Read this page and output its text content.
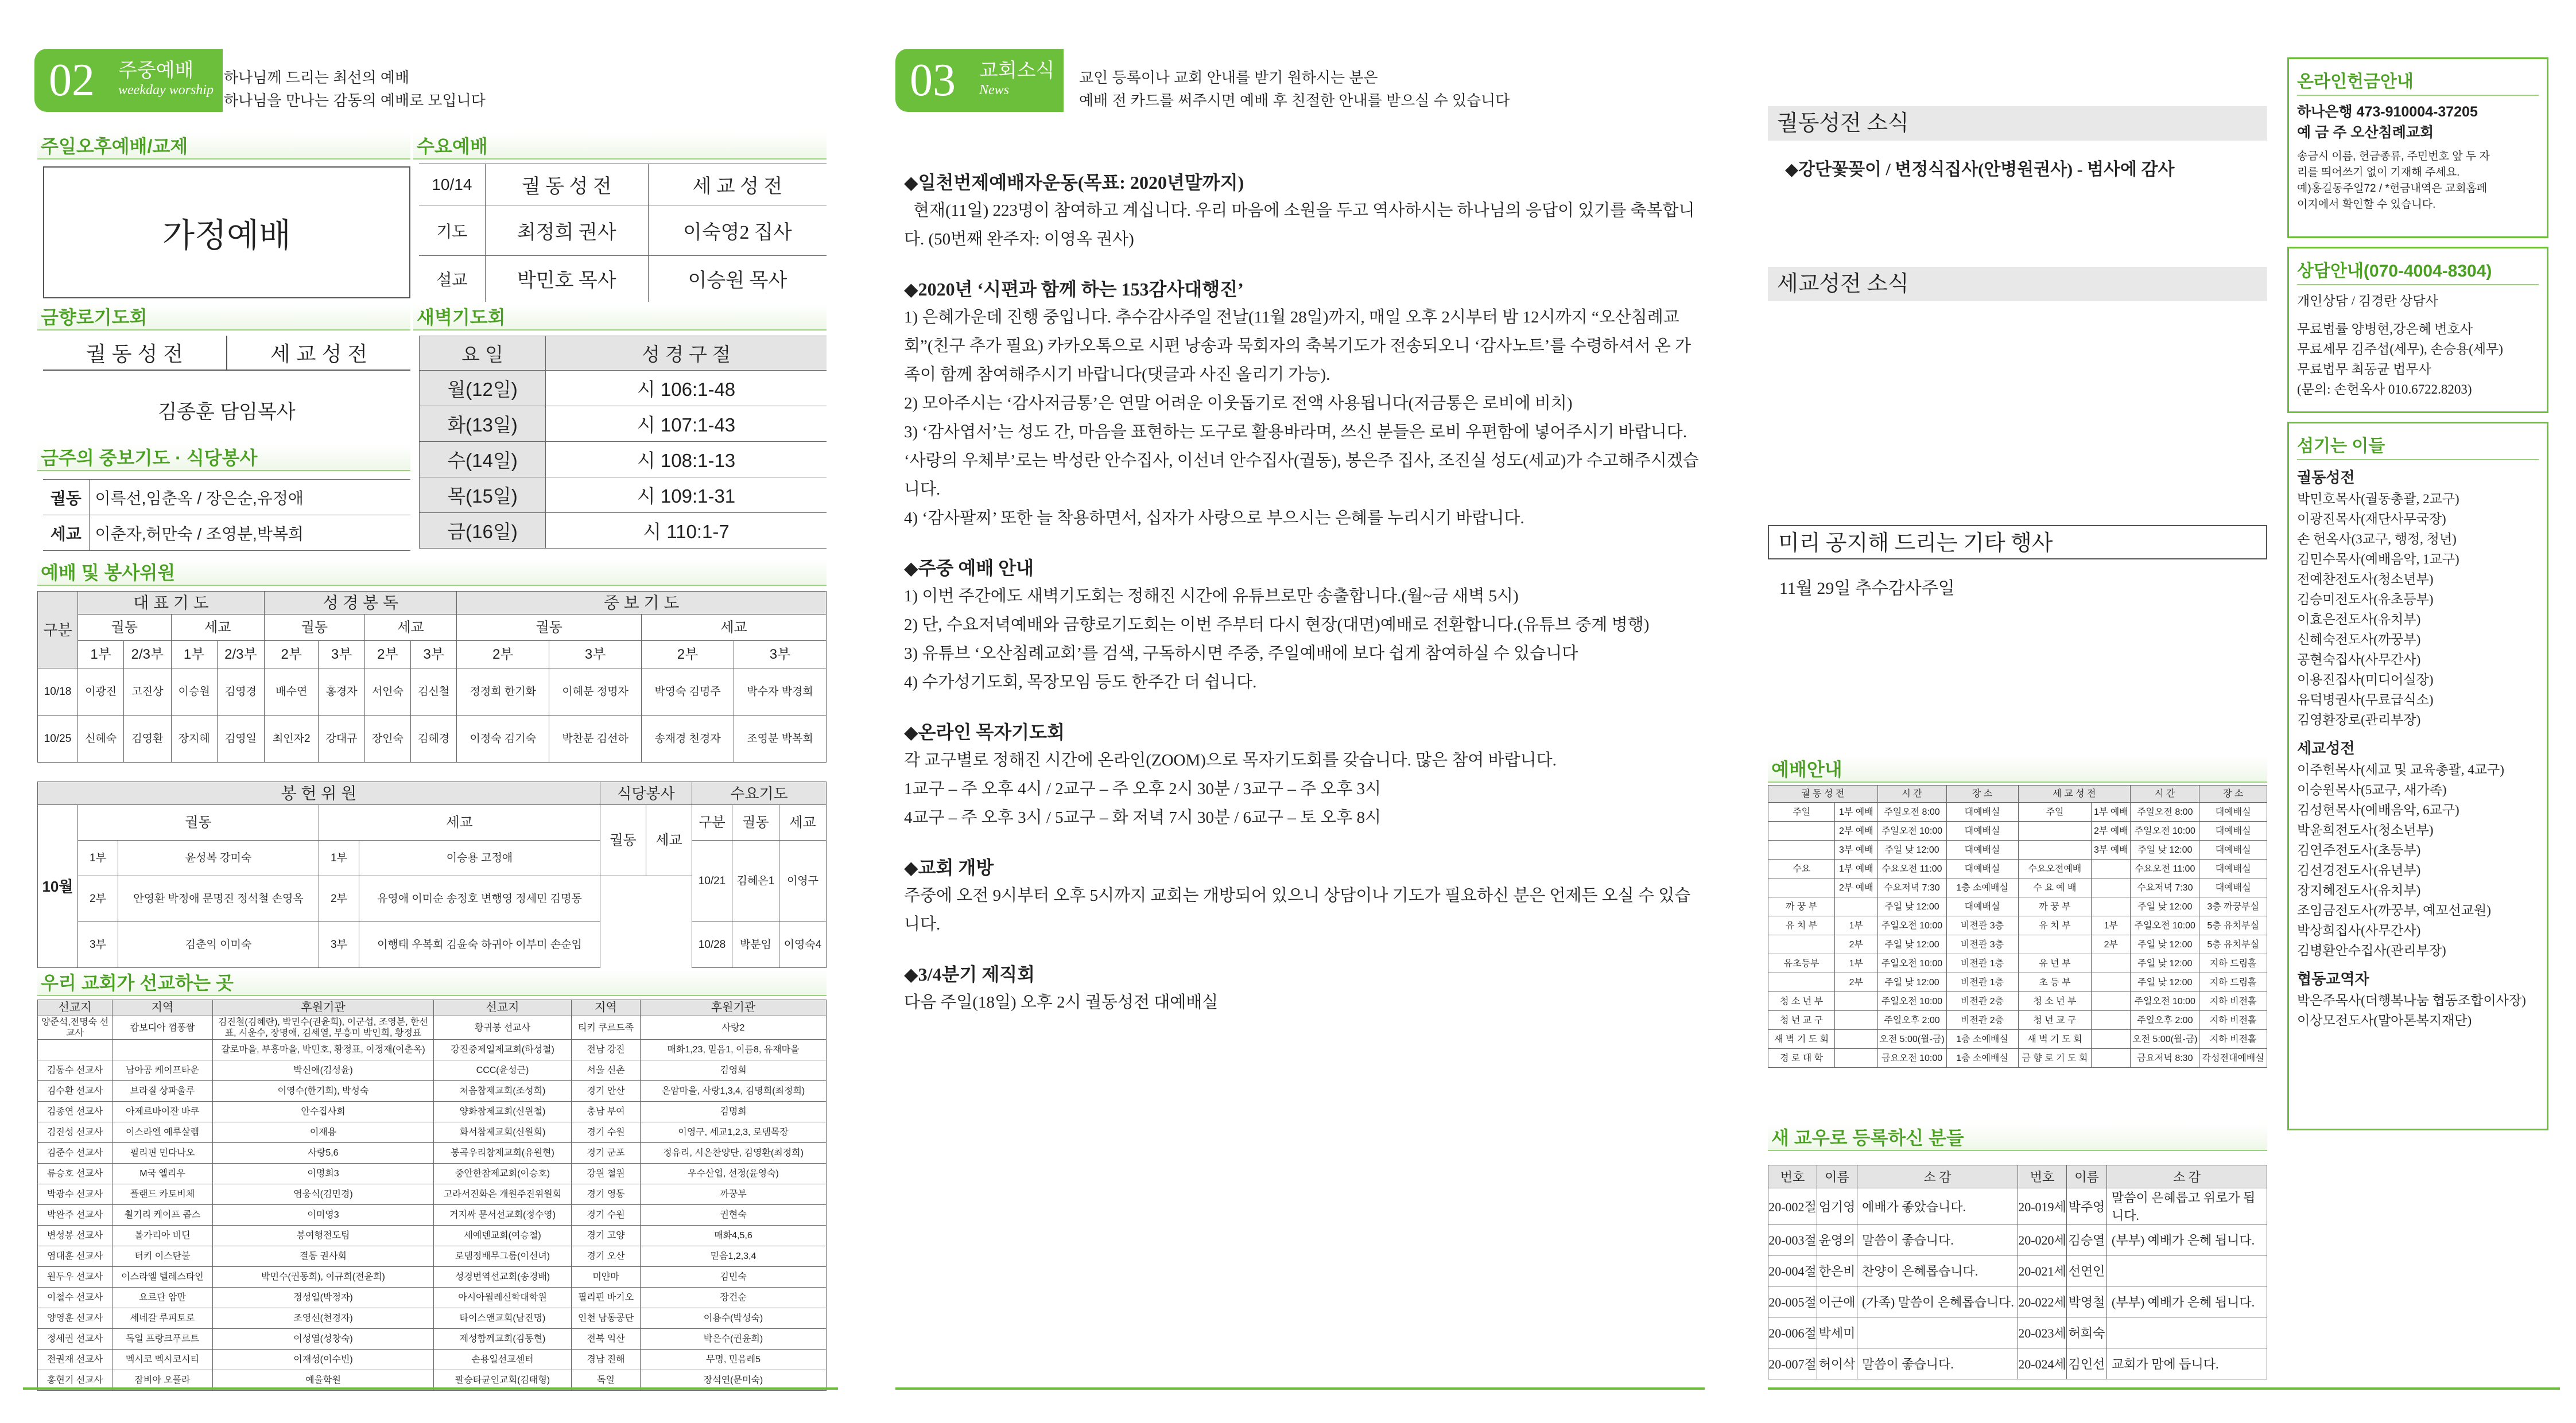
02	주중예배
weekday worship
하나님께 드리는 최선의 예배
하나님을 만나는 감동의 예배로 모입니다
주일오후예배/교제
가정예배
수요예배
10/14	궐 동 성 전	세 교 성 전
기도	최정희 권사	이숙영2 집사
설교	박민호 목사	이승원 목사
금향로기도회
궐 동 성 전	세 교 성 전
김종훈 담임목사
새벽기도회
요 일	성 경 구 절
월(12일)	시 106:1-48
화(13일)	시 107:1-43
수(14일)	시 108:1-13
목(15일)	시 109:1-31
금(16일)	시 110:1-7
금주의 중보기도 · 식당봉사
궐동	이륵선,임춘옥 / 장은순,유정애
세교	이춘자,허만숙 / 조영분,박복희
예배 및 봉사위원
구분	대 표 기 도				성 경 봉 독				중 보 기 도			
	궐동		세교		궐동		세교		궐동		세교	
	1부	2/3부	1부	2/3부	2부	3부	2부	3부	2부	3부	2부	3부
10/18	이광진	고진상	이승원	김영경	배수연	홍경자	서인숙	김신철	정정희 한기화	이혜분 정명자	박영숙 김명주	박수자 박경희
10/25	신혜숙	김영환	장지혜	김영일	최인자2	강대규	장인숙	김혜경	이정숙 김기숙	박찬분 김선하	송재경 천경자	조영분 박복희
봉 헌 위 원					식당봉사		수요기도		
10월	궐동		세교		궐동	세교	구분	궐동	세교
	1부	윤성복 강미숙	1부	이승용 고정애			10/21	김혜은1	이영구
	2부	안영환 박정애 문명진 정석철 손영옥	2부	유영애 이미순 송정호 변행영 정세민 김명동					
	3부	김춘익 이미숙	3부	이행태 우복희 김윤숙 하귀아 이부미 손순임			10/28	박분임	이영숙4
우리 교회가 선교하는 곳
선교지	지역	후원기관	선교지	지역	후원기관
양준석,전명숙 선교사	캄보디아 껌퐁짬	김진철(김혜란), 박민수(권윤희), 이군섭, 조영분, 한선표, 시운수, 장명애, 김세열, 부흥미 박인희, 황정표	황귀봉 선교사	티키 쿠르드족	사랑2
		갈로마을, 부흥마을, 박민호, 황정표, 이정재(이춘옥)	강진중제일제교회(하성철)	전남 강진	매화1,23, 믿음1, 이름8, 유재마을
김동수 선교사	남아공 케이프타운	박신애(김성윤)	CCC(윤성근)	서울 신촌	김영희
김수환 선교사	브라질 상파울루	이영수(한기희), 박성숙	처음참제교회(조성희)	경기 안산	은암마을, 사랑1,3,4, 김명희(최정희)
김종연 선교사	아제르바이잔 바쿠	안수집사회	양화참제교회(신원철)	충남 부여	김명희
김진성 선교사	이스라엘 예루살렘	이재용	화서참제교회(신원희)	경기 수원	이영구, 세교1,2,3, 로뎀목장
김준수 선교사	필리핀 민다나오	사랑5,6	봉곡우리참제교회(유원현)	경기 군포	정유리, 시온찬양단, 김영환(최정희)
류승호 선교사	M국 엘리우	이명희3	중안한참제교회(이승호)	강원 철원	우수산업, 선정(윤영숙)
박광수 선교사	플랜드 카토비체	염웅식(김민경)	고라서진화은 개원주진위원회	경기 영동	까꿍부
박완주 선교사	쵤기리 케이프 콥스	이미영3	거지싸 문서선교회(정수영)	경기 수원	권현숙
변성봉 선교사	볼가리아 비딘	봉여행전도팀	세예덴교회(여승철)	경기 고양	매화4,5,6
염대훈 선교사	터키 이스탄불	결동 권사회	로뎀정배무그룹(이선녀)	경기 오산	믿음1,2,3,4
원두우 선교사	이스라엘 텔레스타인	박민수(권동희), 이규희(전윤희)	성경번역선교회(송경배)	미얀마	김민숙
이철수 선교사	요르단 암만	정성일(박정자)	아시아월레신학대학원	필리핀 바기오	장건순
양영훈 선교사	세네갈 루피토로	조영선(천경자)	타이스앤교회(남진명)	인천 남동공단	이용수(박성숙)
정세권 선교사	독일 프랑크푸르트	이성열(성창숙)	제성함께교회(김동현)	전북 익산	박은수(권윤희)
전권재 선교사	멕시코 멕시코시티	이재성(이수빈)	손용일선교센터	경남 진해	무명, 민음레5
홍현기 선교사	잠비아 오폴라	예울학원	팔승타균인교회(김태형)	독일	장석연(문미숙)
03	교회소식
News
교인 등록이나 교회 안내를 받기 원하시는 분은
예배 전 카드를 써주시면 예배 후 친절한 안내를 받으실 수 있습니다
◆일천번제예배자운동(목표: 2020년말까지)

현재(11일) 223명이 참여하고 계십니다. 우리 마음에 소원을 두고 역사하시는 하나님의 응답이 있기를 축복합니다. (50번째 완주자: 이영옥 권사)

◆2020년 ‘시편과 함께 하는 153감사대행진’

1) 은혜가운데 진행 중입니다. 추수감사주일 전날(11월 28일)까지, 매일 오후 2시부터 밤 12시까지 “오산침례교회”(친구 추가 필요) 카카오톡으로 시편 낭송과 묵회자의 축복기도가 전송되오니 ‘감사노트’를 수령하셔서 온 가족이 함께 참여해주시기 바랍니다(댓글과 사진 올리기 가능).

2) 모아주시는 ‘감사저금통’은 연말 어려운 이웃돕기로 전액 사용됩니다(저금통은 로비에 비치)

3) ‘감사엽서’는 성도 간, 마음을 표현하는 도구로 활용바라며, 쓰신 분들은 로비 우편함에 넣어주시기 바랍니다. ‘사랑의 우체부’로는 박성란 안수집사, 이선녀 안수집사(궐동), 봉은주 집사, 조진실 성도(세교)가 수고해주시겠습니다.

4) ‘감사팔찌’ 또한 늘 착용하면서, 십자가 사랑으로 부으시는 은혜를 누리시기 바랍니다.

◆주중 예배 안내

1) 이번 주간에도 새벽기도회는 정해진 시간에 유튜브로만 송출합니다.(월~금 새벽 5시)

2) 단, 수요저녁예배와 금향로기도회는 이번 주부터 다시 현장(대면)예배로 전환합니다.(유튜브 중계 병행)

3) 유튜브 ‘오산침례교회’를 검색, 구독하시면 주중, 주일예배에 보다 쉽게 참여하실 수 있습니다

4) 수가성기도회, 목장모임 등도 한주간 더 쉽니다.

◆온라인 목자기도회

각 교구별로 정해진 시간에 온라인(ZOOM)으로 목자기도회를 갖습니다. 많은 참여 바랍니다.

1교구 – 주 오후 4시 / 2교구 – 주 오후 2시 30분 / 3교구 – 주 오후 3시

4교구 – 주 오후 3시 / 5교구 – 화 저녁 7시 30분 / 6교구 – 토 오후 8시

◆교회 개방

주중에 오전 9시부터 오후 5시까지 교회는 개방되어 있으니 상담이나 기도가 필요하신 분은 언제든 오실 수 있습니다.

◆3/4분기 제직회

다음 주일(18일) 오후 2시 궐동성전 대예배실

궐동성전 소식
◆강단꽃꽂이 / 변정식집사(안병원권사) - 범사에 감사
세교성전 소식
미리 공지해 드리는 기타 행사
11월 29일 추수감사주일
예배안내
궐 동 성 전		시 간	장 소	세 교 성 전		시 간	장 소
주일	1부 예배	주일오전 8:00	대예배실	주일	1부 예배	주일오전 8:00	대예배실
	2부 예배	주일오전 10:00	대예배실		2부 예배	주일오전 10:00	대예배실
	3부 예배	주일 낮 12:00	대예배실		3부 예배	주일 낮 12:00	대예배실
수요	1부 예배	수요오전 11:00	대예배실	수요오전예배		수요오전 11:00	대예배실
	2부 예배	수요저녁 7:30	1층 소예배실	수 요 예 배		수요저녁 7:30	대예배실
까 꿍 부		주일 낮 12:00	대예배실	까 꿍 부		주일 낮 12:00	3층 까꿍부실
유 치 부	1부	주일오전 10:00	비전관 3층	유 치 부	1부	주일오전 10:00	5층 유치부실
	2부	주일 낮 12:00	비전관 3층		2부	주일 낮 12:00	5층 유치부실
유초등부	1부	주일오전 10:00	비전관 1층	유 년 부		주일 낮 12:00	지하 드림홀
	2부	주일 낮 12:00	비전관 1층	초 등 부		주일 낮 12:00	지하 드림홀
청 소 년 부		주일오전 10:00	비전관 2층	청 소 년 부		주일오전 10:00	지하 비전홀
청 년 교 구		주일오후 2:00	비전관 2층	청 년 교 구		주일오후 2:00	지하 비전홀
새 벽 기 도 회		오전 5:00(월-금)	1층 소예배실	새 벽 기 도 회		오전 5:00(월-금)	지하 비전홀
경 로 대 학		금요오전 10:00	1층 소예배실	금 향 로 기 도 회		금요저녁 8:30	각성전대예배실
새 교우로 등록하신 분들
번호	이름	소 감	번호	이름	소 감
20-002절	엄기영	예배가 좋았습니다.	20-019세	박주영	말씀이 은혜롭고 위로가 됩니다.
20-003절	윤영의	말씀이 좋습니다.	20-020세	김승열	(부부) 예배가 은혜 됩니다.
20-004절	한은비	찬양이 은혜롭습니다.	20-021세	선연인	
20-005절	이근애	(가족) 말씀이 은혜롭습니다.	20-022세	박영철	(부부) 예배가 은혜 됩니다.
20-006절	박세미		20-023세	허희숙	
20-007절	허이삭	말씀이 좋습니다.	20-024세	김인선	교회가 맘에 듭니다.
온라인헌금안내
하나은행 473-910004-37205
예 금 주 오산침례교회
송금시 이름, 헌금종류, 주민번호 앞 두 자
리를 띄어쓰기 없이 기재해 주세요.
예)홍길동주일72 / *헌금내역은 교회홈페
이지에서 확인할 수 있습니다.
상담안내(070-4004-8304)
개인상담 / 김경란 상담사
무료법률 양병현,강은혜 변호사
무료세무 김주섭(세무), 손승용(세무)
무료법무 최동균 법무사
(문의: 손헌옥사 010.6722.8203)
섬기는 이들
궐동성전
박민호목사(궐동총괄, 2교구)
이광진목사(재단사무국장)
손 헌옥사(3교구, 행정, 청년)
김민수목사(예배음악, 1교구)
전예찬전도사(청소년부)
김승미전도사(유초등부)
이효은전도사(유치부)
신혜숙전도사(까꿍부)
공현숙집사(사무간사)
이용진집사(미디어실장)
유덕병권사(무료급식소)
김영환장로(관리부장)
세교성전
이주헌목사(세교 및 교육총괄, 4교구)
이승원목사(5교구, 새가족)
김성현목사(예배음악, 6교구)
박윤희전도사(청소년부)
김연주전도사(초등부)
김선경전도사(유년부)
장지혜전도사(유치부)
조임금전도사(까꿍부, 예꼬선교원)
박상희집사(사무간사)
김병환안수집사(관리부장)
협동교역자
박은주목사(더행복나눔 협동조합이사장)
이상모전도사(말아톤복지재단)
